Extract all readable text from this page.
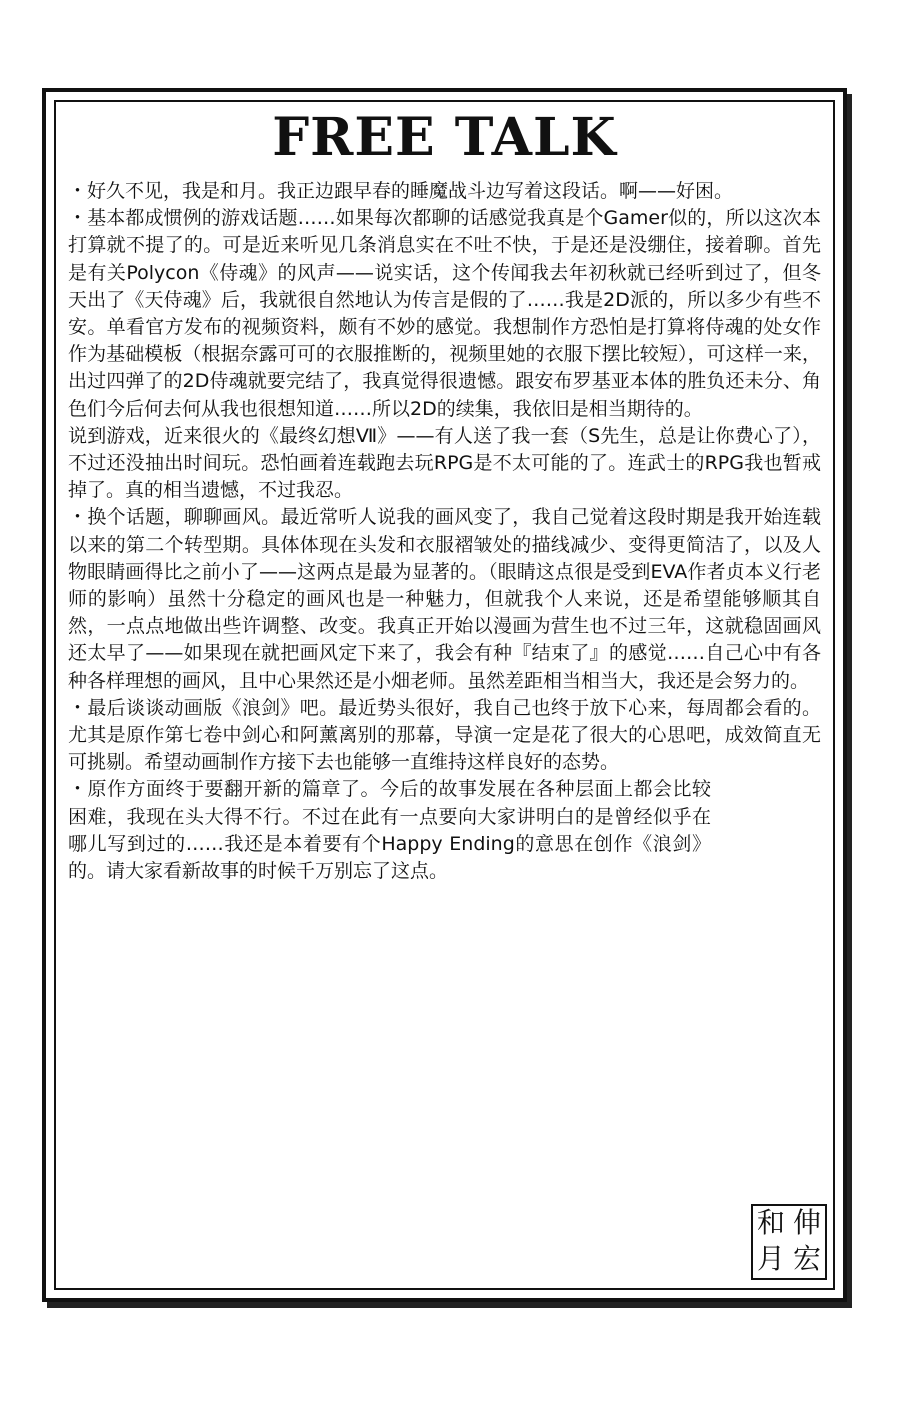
FREE TALK

・好久不见，我是和月。我正边跟早春的睡魔战斗边写着这段话。啊——好困。

・基本都成惯例的游戏话题……如果每次都聊的话感觉我真是个Gamer似的，所以这次本打算就不提了的。可是近来听见几条消息实在不吐不快，于是还是没绷住，接着聊。首先是有关Polycon《侍魂》的风声——说实话，这个传闻我去年初秋就已经听到过了，但冬天出了《天侍魂》后，我就很自然地认为传言是假的了……我是2D派的，所以多少有些不安。单看官方发布的视频资料，颇有不妙的感觉。我想制作方恐怕是打算将侍魂的处女作作为基础模板（根据奈露可可的衣服推断的，视频里她的衣服下摆比较短），可这样一来，出过四弹了的2D侍魂就要完结了，我真觉得很遗憾。跟安布罗基亚本体的胜负还未分、角色们今后何去何从我也很想知道……所以2D的续集，我依旧是相当期待的。

说到游戏，近来很火的《最终幻想Ⅶ》——有人送了我一套（S先生，总是让你费心了），不过还没抽出时间玩。恐怕画着连载跑去玩RPG是不太可能的了。连武士的RPG我也暂戒掉了。真的相当遗憾，不过我忍。

・换个话题，聊聊画风。最近常听人说我的画风变了，我自己觉着这段时期是我开始连载以来的第二个转型期。具体体现在头发和衣服褶皱处的描线减少、变得更简洁了，以及人物眼睛画得比之前小了——这两点是最为显著的。（眼睛这点很是受到EVA作者贞本义行老师的影响）虽然十分稳定的画风也是一种魅力，但就我个人来说，还是希望能够顺其自然，一点点地做出些许调整、改变。我真正开始以漫画为营生也不过三年，这就稳固画风还太早了——如果现在就把画风定下来了，我会有种『结束了』的感觉……自己心中有各种各样理想的画风，且中心果然还是小畑老师。虽然差距相当相当大，我还是会努力的。

・最后谈谈动画版《浪剑》吧。最近势头很好，我自己也终于放下心来，每周都会看的。尤其是原作第七卷中剑心和阿薰离别的那幕，导演一定是花了很大的心思吧，成效简直无可挑剔。希望动画制作方接下去也能够一直维持这样良好的态势。

・原作方面终于要翻开新的篇章了。今后的故事发展在各种层面上都会比较困难，我现在头大得不行。不过在此有一点要向大家讲明白的是曾经似乎在哪儿写到过的……我还是本着要有个Happy Ending的意思在创作《浪剑》的。请大家看新故事的时候千万别忘了这点。

和 伸
月 宏
